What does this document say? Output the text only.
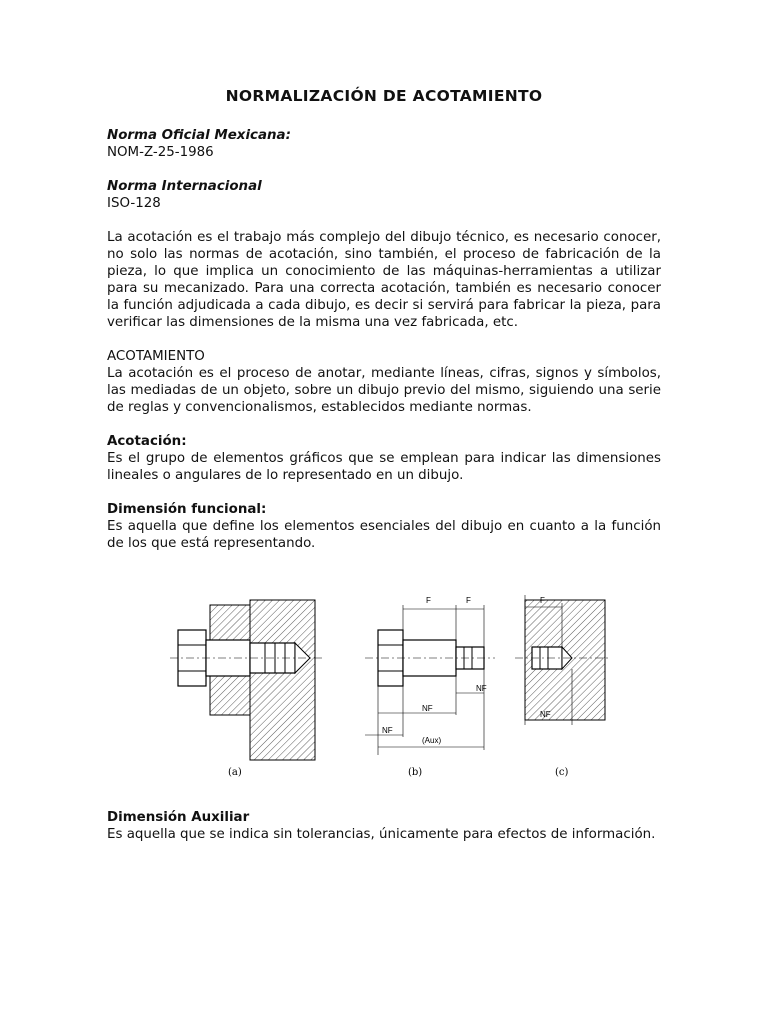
NORMALIZACIÓN DE ACOTAMIENTO
Norma Oficial Mexicana:
NOM-Z-25-1986
Norma Internacional
ISO-128

La acotación es el trabajo más complejo del dibujo técnico, es necesario conocer, no solo las normas de acotación, sino también, el proceso de fabricación de la pieza, lo que implica un conocimiento de las máquinas-herramientas a utilizar para su mecanizado. Para una correcta acotación, también es necesario conocer la función adjudicada a cada dibujo, es decir si servirá para fabricar la pieza, para verificar las dimensiones de la misma una vez fabricada, etc.

ACOTAMIENTO

La acotación es el proceso de anotar, mediante líneas, cifras, signos y símbolos, las mediadas de un objeto, sobre un dibujo previo del mismo, siguiendo una serie de reglas y convencionalismos, establecidos mediante normas.

Acotación:

Es el grupo de elementos gráficos que se emplean para indicar las dimensiones lineales o angulares de lo representado en un dibujo.

Dimensión funcional:

Es aquella que define los elementos esenciales del dibujo en cuanto a la función de los que está representando.

F	F	F
NF
NF
NF
NF
(Aux)
(a)	(b)	(c)
Dimensión Auxiliar

Es aquella que se indica sin tolerancias, únicamente para efectos de información.
